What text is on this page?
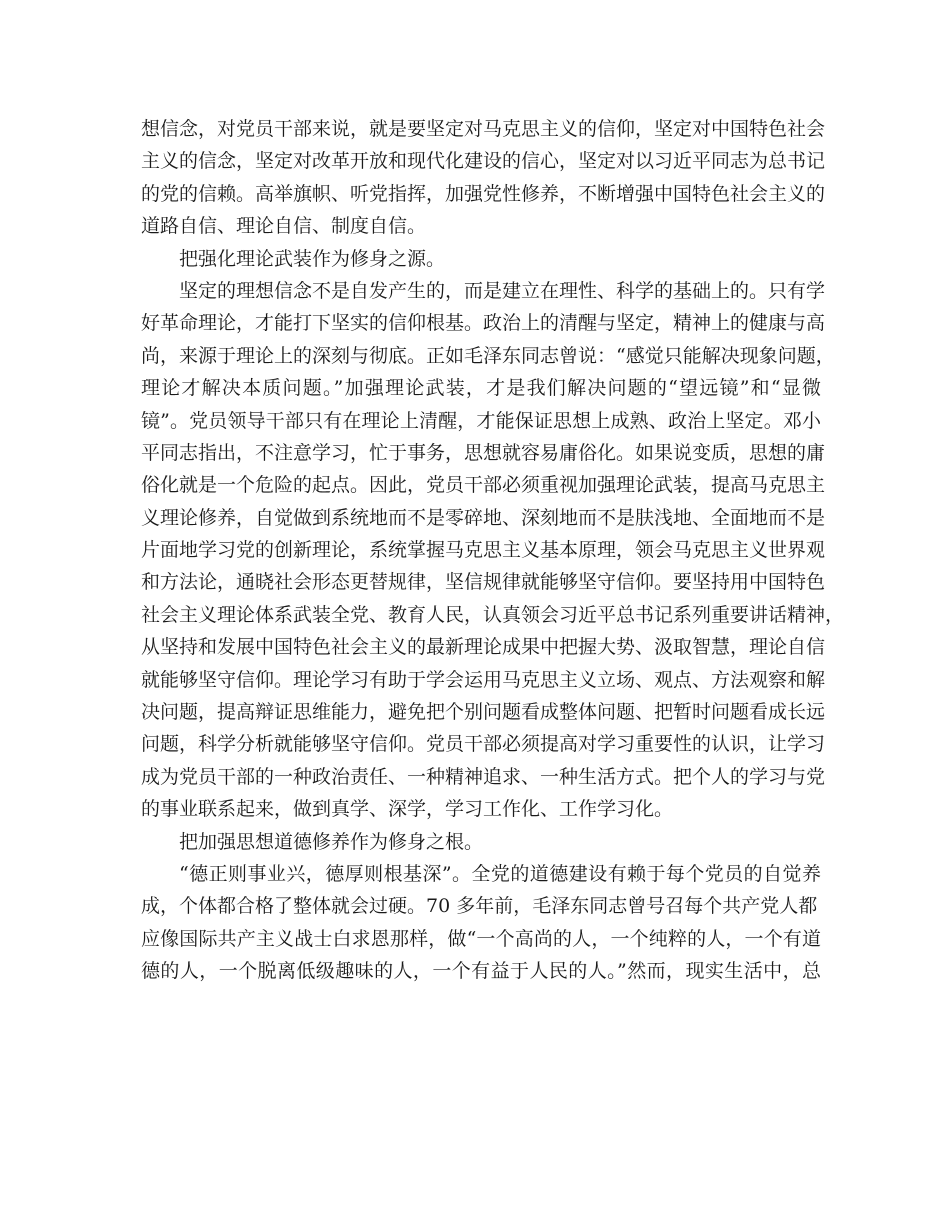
想信念，对党员干部来说，就是要坚定对马克思主义的信仰，坚定对中国特色社会
主义的信念，坚定对改革开放和现代化建设的信心，坚定对以习近平同志为总书记
的党的信赖。高举旗帜、听党指挥，加强党性修养，不断增强中国特色社会主义的
道路自信、理论自信、制度自信。
把强化理论武装作为修身之源。
坚定的理想信念不是自发产生的，而是建立在理性、科学的基础上的。只有学
好革命理论，才能打下坚实的信仰根基。政治上的清醒与坚定，精神上的健康与高
尚，来源于理论上的深刻与彻底。正如毛泽东同志曾说：“感觉只能解决现象问题，
理论才解决本质问题。”加强理论武装，才是我们解决问题的“望远镜”和“显微
镜”。党员领导干部只有在理论上清醒，才能保证思想上成熟、政治上坚定。邓小
平同志指出，不注意学习，忙于事务，思想就容易庸俗化。如果说变质，思想的庸
俗化就是一个危险的起点。因此，党员干部必须重视加强理论武装，提高马克思主
义理论修养，自觉做到系统地而不是零碎地、深刻地而不是肤浅地、全面地而不是
片面地学习党的创新理论，系统掌握马克思主义基本原理，领会马克思主义世界观
和方法论，通晓社会形态更替规律，坚信规律就能够坚守信仰。要坚持用中国特色
社会主义理论体系武装全党、教育人民，认真领会习近平总书记系列重要讲话精神，
从坚持和发展中国特色社会主义的最新理论成果中把握大势、汲取智慧，理论自信
就能够坚守信仰。理论学习有助于学会运用马克思主义立场、观点、方法观察和解
决问题，提高辩证思维能力，避免把个别问题看成整体问题、把暂时问题看成长远
问题，科学分析就能够坚守信仰。党员干部必须提高对学习重要性的认识，让学习
成为党员干部的一种政治责任、一种精神追求、一种生活方式。把个人的学习与党
的事业联系起来，做到真学、深学，学习工作化、工作学习化。
把加强思想道德修养作为修身之根。
“德正则事业兴，德厚则根基深”。全党的道德建设有赖于每个党员的自觉养
成，个体都合格了整体就会过硬。70 多年前，毛泽东同志曾号召每个共产党人都
应像国际共产主义战士白求恩那样，做“一个高尚的人，一个纯粹的人，一个有道
德的人，一个脱离低级趣味的人，一个有益于人民的人。”然而，现实生活中，总
